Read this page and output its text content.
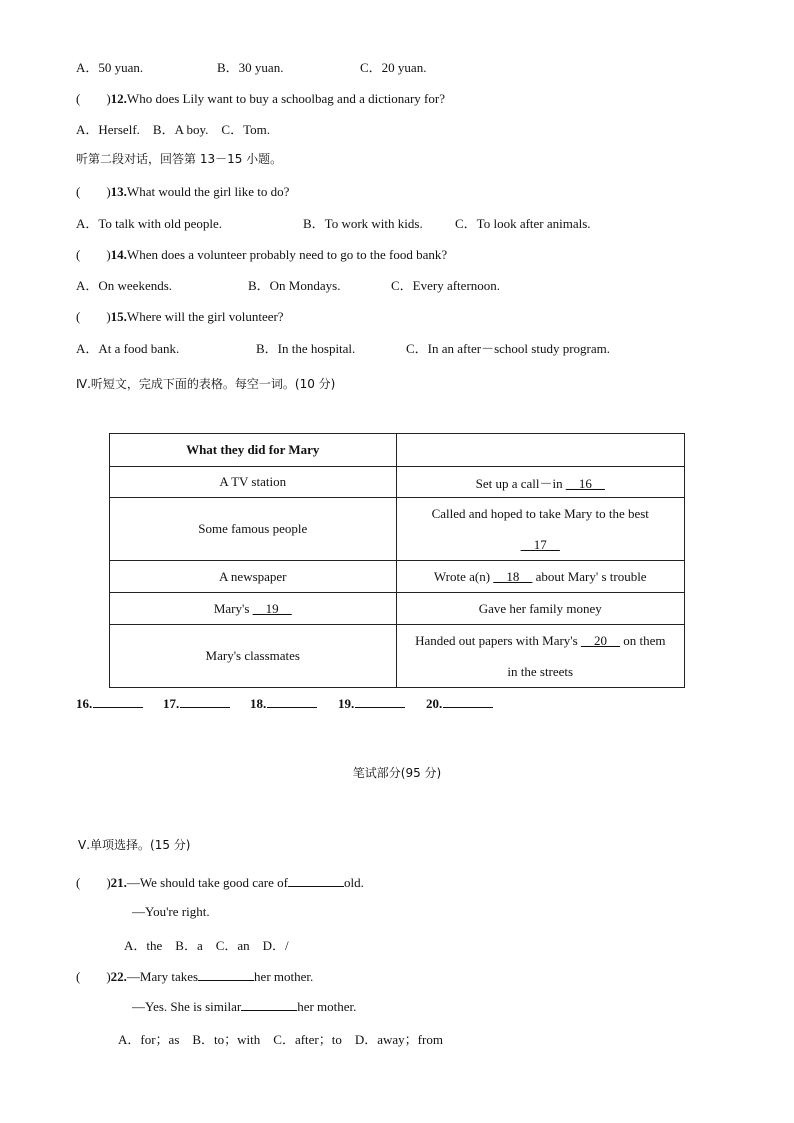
A．50 yuan.	B．30 yuan.	C．20 yuan.
(　　)12.Who does Lily want to buy a schoolbag and a dictionary for?
A．Herself. B．A boy. C．Tom.
听第二段对话，回答第 13－15 小题。
(　　)13.What would the girl like to do?
A．To talk with old people.	B．To work with kids. C．To look after animals.
(　　)14.When does a volunteer probably need to go to the food bank?
A．On weekends.	B．On Mondays.	C．Every afternoon.
(　　)15.Where will the girl volunteer?
A．At a food bank.	B．In the hospital.	C．In an after－school study program.
Ⅳ.听短文，完成下面的表格。每空一词。(10 分)
What they did for Mary	
A TV station	Set up a call－in __16__
Some famous people	Called and hoped to take Mary to the best
__17__
A newspaper	Wrote a(n) __18__ about Mary' s trouble
Mary's __19__	Gave her family money
Mary's classmates	Handed out papers with Mary's __20__ on them
in the streets
16.	17.	18.	19.	20.
笔试部分(95 分)
Ⅴ.单项选择。(15 分)
(　　)21.—We should take good care of	old.
—You're right.
A．the　B．a　C．an　D．/
(　　)22.—Mary takes	her mother.
—Yes. She is similar	her mother.
A．for；as　B．to；with　C．after；to　D．away；from
